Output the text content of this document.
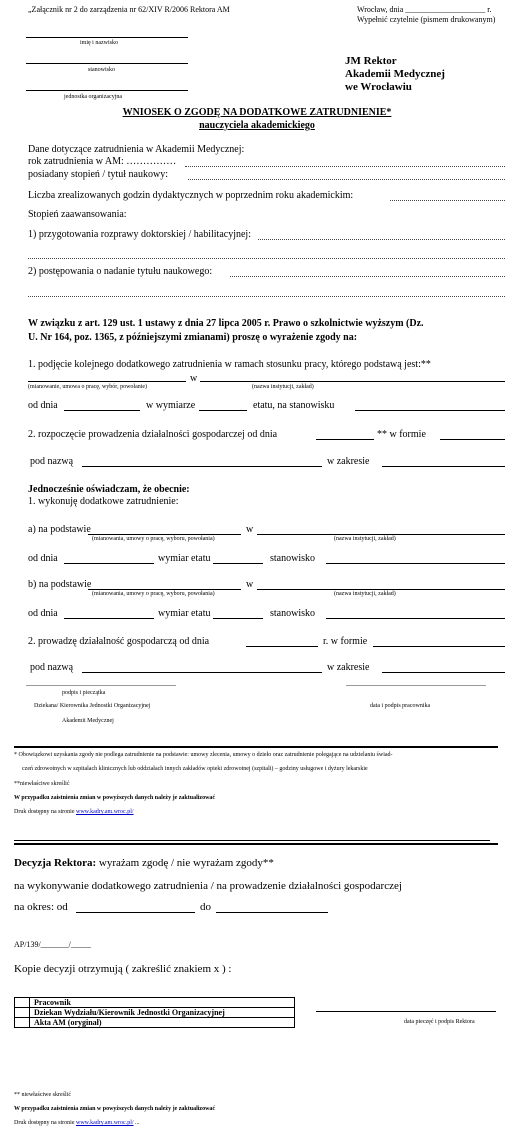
„Załącznik nr 2 do zarządzenia nr 62/XIV R/2006 Rektora AM	Wrocław, dnia ____________________ r.
Wypełnić czytelnie (pismem drukowanym)
imię i nazwisko
stanowisko
jednostka organizacyjna
JM Rektor
Akademii Medycznej
we Wrocławiu
WNIOSEK O ZGODĘ NA DODATKOWE ZATRUDNIENIE*
nauczyciela akademickiego
Dane dotyczące zatrudnienia w Akademii Medycznej:
rok zatrudnienia w AM: ……………
posiadany stopień / tytuł naukowy:
Liczba zrealizowanych godzin dydaktycznych w poprzednim roku akademickim:
Stopień zaawansowania:
1) przygotowania rozprawy doktorskiej / habilitacyjnej:
2) postępowania o nadanie tytułu naukowego:
W związku z art. 129 ust. 1 ustawy z dnia 27 lipca 2005 r. Prawo o szkolnictwie wyższym (Dz.
U. Nr 164, poz. 1365, z późniejszymi zmianami) proszę o wyrażenie zgody na:
1. podjęcie kolejnego dodatkowego zatrudnienia w ramach stosunku pracy, którego podstawą jest:**
w
(mianowanie, umowa o pracę, wybór, powołanie)	(nazwa instytucji, zakład)
od dnia	w wymiarze	etatu, na stanowisku
2. rozpoczęcie prowadzenia działalności gospodarczej od dnia	** w formie
pod nazwą	w zakresie
Jednocześnie oświadczam, że obecnie:
1. wykonuję dodatkowe zatrudnienie:
a) na podstawie	w
(mianowania, umowy o pracę, wyboru, powołania)	(nazwa instytucji, zakład)
od dnia	wymiar etatu	stanowisko
b) na podstawie	w
(mianowania, umowy o pracę, wyboru, powołania)	(nazwa instytucji, zakład)
od dnia	wymiar etatu	stanowisko
2. prowadzę działalność gospodarczą od dnia	r. w formie
pod nazwą	w zakresie
podpis i pieczątka
Dziekana/ Kierownika Jednostki Organizacyjnej
Akademii Medycznej
data i podpis pracownika
* Obowiązkowi uzyskania zgody nie podlega zatrudnienie na podstawie: umowy zlecenia, umowy o dzieło oraz zatrudnienie polegające na udzielaniu świad-
czeń zdrowotnych w szpitalach klinicznych lub oddziałach innych zakładów opieki zdrowotnej (szpitali) – godziny usługowe i dyżury lekarskie
**niewłaściwe skreślić
W przypadku zaistnienia zmian w powyższych danych należy je zaktualizować
Druk dostępny na stronie www.kadry.am.wroc.pl/
Decyzja Rektora: wyrażam zgodę / nie wyrażam zgody**
na wykonywanie dodatkowego zatrudnienia / na prowadzenie działalności gospodarczej
na okres: od	do
AP/139/_______/_____
Kopie decyzji otrzymują ( zakreślić znakiem x ) :
	Pracownik
	Dziekan Wydziału/Kierownik Jednostki Organizacyjnej
	Akta AM (oryginał)	data pieczęć i podpis Rektora
** niewłaściwe skreślić
W przypadku zaistnienia zmian w powyższych danych należy je zaktualizować
Druk dostępny na stronie www.kadry.am.wroc.pl/ ...
